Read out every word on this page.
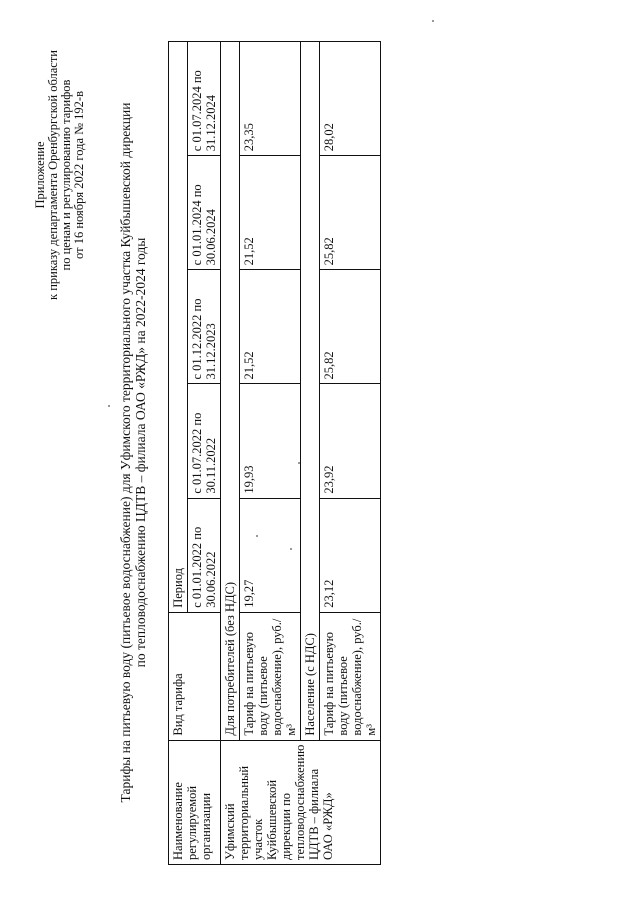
Приложение к приказу департамента Оренбургской области по ценам и регулированию тарифов от 16 ноября 2022 года № 192-в Тарифы на питьевую воду (питьевое водоснабжение) для Уфимского территориального участка Куйбышевской дирекции по тепловодоснабжению ЦДТВ – филиала ОАО «РЖД» на 2022-2024 годы
Наименование регулируемой организации	Вид тарифа	Период				
		с 01.01.2022 по 30.06.2022	с 01.07.2022 по 30.11.2022	с 01.12.2022 по 31.12.2023	с 01.01.2024 по 30.06.2024	с 01.07.2024 по 31.12.2024
Уфимский территориальный участок Куйбышевской дирекции по тепловодоснабжению ЦДТВ – филиала ОАО «РЖД»	Для потребителей (без НДС)					
	Тариф на питьевую воду (питьевое водоснабжение), руб./м³	19,27	19,93	21,52	21,52	23,35
	Население (с НДС)					
	Тариф на питьевую воду (питьевое водоснабжение), руб./м³	23,12	23,92	25,82	25,82	28,02
